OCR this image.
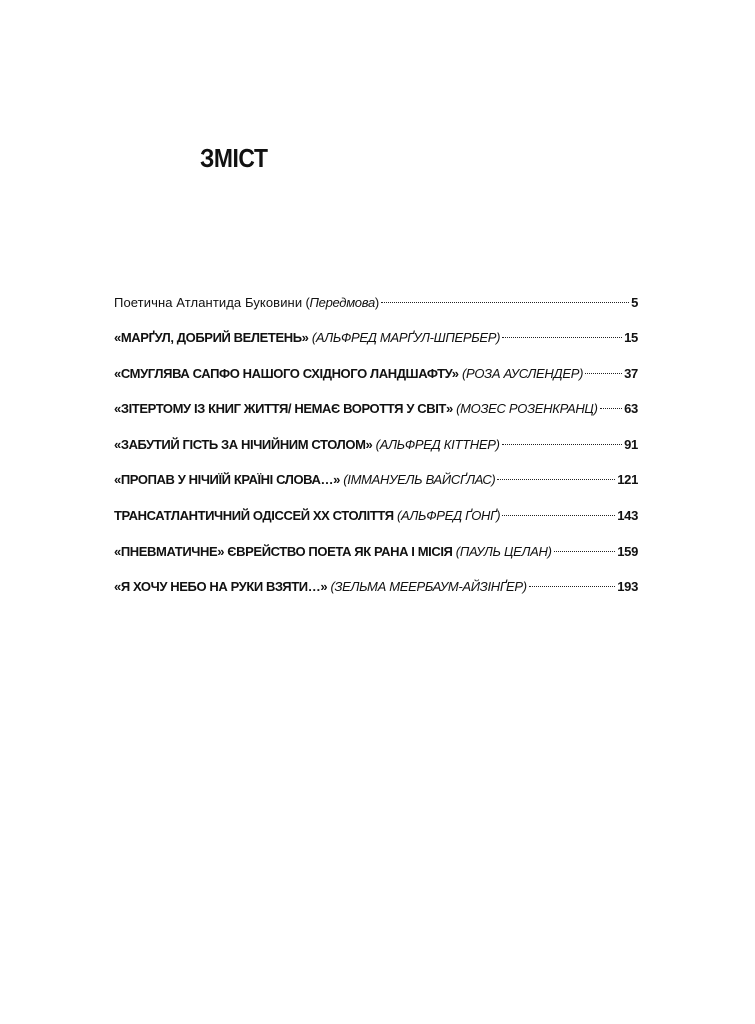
ЗМІСТ
Поетична Атлантида Буковини (Передмова)	5
«МАРҐУЛ, ДОБРИЙ ВЕЛЕТЕНЬ» (АЛЬФРЕД МАРҐУЛ-ШПЕРБЕР)	15
«СМУГЛЯВА САПФО НАШОГО СХІДНОГО ЛАНДШАФТУ» (РОЗА АУСЛЕНДЕР)	37
«ЗІТЕРТОМУ ІЗ КНИГ ЖИТТЯ/ НЕМАЄ ВОРОТТЯ У СВІТ» (МОЗЕС РОЗЕНКРАНЦ) 63
«ЗАБУТИЙ ГІСТЬ ЗА НІЧИЙНИМ СТОЛОМ» (АЛЬФРЕД КІТТНЕР)	91
«ПРОПАВ У НІЧИЇЙ КРАЇНІ СЛОВА…» (ІММАНУЕЛЬ ВАЙСҐЛАС)	121
ТРАНСАТЛАНТИЧНИЙ ОДІССЕЙ XX СТОЛІТТЯ (АЛЬФРЕД ҐОНҐ)	143
«ПНЕВМАТИЧНЕ» ЄВРЕЙСТВО ПОЕТА ЯК РАНА І МІСІЯ (ПАУЛЬ ЦЕЛАН)	159
«Я ХОЧУ НЕБО НА РУКИ ВЗЯТИ…» (ЗЕЛЬМА МЕЕРБАУМ-АЙЗІНҐЕР)	193
